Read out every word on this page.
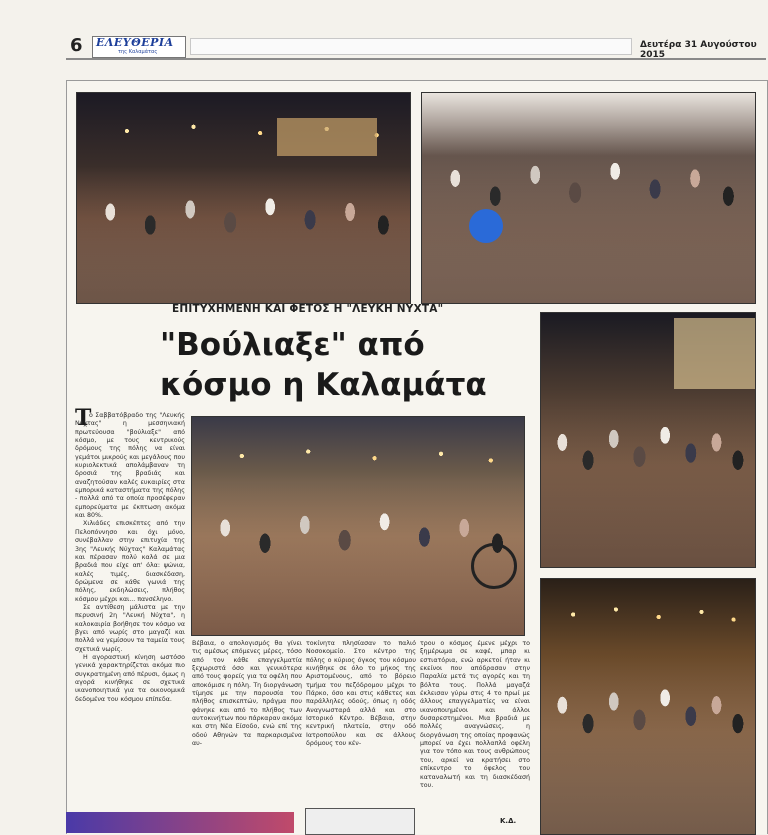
6 ΕΛΕΥΘΕΡΙΑ
της Καλαμάτας
Δευτέρα 31 Αυγούστου 2015
ΕΠΙΤΥΧΗΜΕΝΗ ΚΑΙ ΦΕΤΟΣ Η "ΛΕΥΚΗ ΝΥΧΤΑ"
"Βούλιαξε" από
κόσμο η Καλαμάτα
Τ

ο Σαββατόβραδο της "Λευκής Νύχτας" η μεσσηνιακή πρωτεύουσα "βούλιαξε" από κόσμο, με τους κεντρικούς δρόμους της πόλης να είναι γεμάτοι μικρούς και μεγάλους που κυριολεκτικά απολάμβαναν τη δροσιά της βραδιάς και αναζητούσαν καλές ευκαιρίες στα εμπορικά καταστήματα της πόλης - πολλά από τα οποία προσέφεραν εμπορεύματα με έκπτωση ακόμα και 80%.

Χιλιάδες επισκέπτες από την Πελοπόννησο και όχι μόνο, συνέβαλλαν στην επιτυχία της 3ης "Λευκής Νύχτας" Καλαμάτας και πέρασαν πολύ καλά σε μια βραδιά που είχε απ' όλα: ψώνια, καλές τιμές, διασκέδαση, δρώμενα σε κάθε γωνιά της πόλης, εκδηλώσεις, πλήθος κόσμου μέχρι και... πανσέληνο.

Σε αντίθεση μάλιστα με την περυσινή 2η "Λευκή Νύχτα", η καλοκαιρία βοήθησε τον κόσμο να βγει από νωρίς στο μαγαζί και πολλά να γεμίσουν τα ταμεία τους σχετικά νωρίς.

Η αγοραστική κίνηση ωστόσο γενικά χαρακτηρίζεται ακόμα πιο συγκρατημένη από πέρυσι, όμως η αγορά κινήθηκε σε σχετικά ικανοποιητικά για τα οικονομικά δεδομένα του κόσμου επίπεδα.

Βέβαια, ο απολογισμός θα γίνει τις αμέσως επόμενες μέρες, τόσο από τον κάθε επαγγελματία ξεχωριστά όσο και γενικότερα από τους φορείς για τα οφέλη που αποκόμισε η πόλη. Τη διοργάνωση τίμησε με την παρουσία του πλήθος επισκεπτών, πράγμα που φάνηκε και από το πλήθος των αυτοκινήτων που πάρκαραν ακόμα και στη Νέα Είσοδο, ενώ επί της οδού Αθηνών τα παρκαρισμένα αυ-
τοκίνητα πλησίασαν το παλιό Νοσοκομείο. Στο κέντρο της πόλης ο κύριος όγκος του κόσμου κινήθηκε σε όλο το μήκος της Αριστομένους, από το βόρειο τμήμα του πεζόδρομου μέχρι το Πάρκο, όσο και στις κάθετες και παράλληλες οδούς, όπως η οδός Αναγνωσταρά αλλά και στο Ιστορικό Κέντρο. Βέβαια, στην κεντρική πλατεία, στην οδό Ιατροπούλου και σε άλλους δρόμους του κέν-
τρου ο κόσμος έμενε μέχρι το ξημέρωμα σε καφέ, μπαρ κι εστιατόρια, ενώ αρκετοί ήταν κι εκείνοι που απόδρασαν στην Παραλία μετά τις αγορές και τη βόλτα τους. Πολλά μαγαζά έκλεισαν γύρω στις 4 το πρωί με άλλους επαγγελματίες να είναι ικανοποιημένοι και άλλοι δυσαρεστημένοι. Μια βραδιά με πολλές αναγνώσεις, η διοργάνωση της οποίας προφανώς μπορεί να έχει πολλαπλά οφέλη για τον τόπο και τους ανθρώπους του, αρκεί να κρατήσει στο επίκεντρο το όφελος του καταναλωτή και τη διασκέδασή του.
Κ.Δ.
